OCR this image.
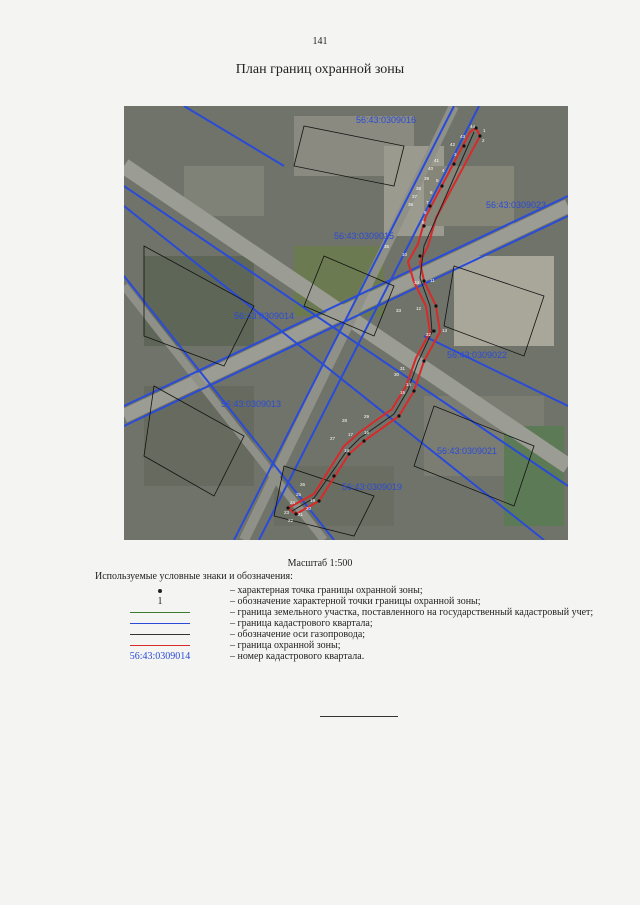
141
План границ охранной зоны
44
1
43
2
42
3
41
40 4
39 5
38
6
37
7
36
8
35
9
10
34 11
33	12
32
13
31
30
14
29
15
28
16
27
17
26
18
25
19
24
20
23 21
22
56:43:0309016
56:43:0309023
56:43:0309015
56:43:0309014
56:43:0309022
56:43:0309013
56:43:0309021
56:43:0309019
Масштаб 1:500
Используемые условные знаки и обозначения:
– характерная точка границы охранной зоны;
1	– обозначение характерной точки границы охранной зоны;
– граница земельного участка, поставленного на государственный кадастровый учет;
– граница кадастрового квартала;
– обозначение оси газопровода;
– граница охранной зоны;
56:43:0309014	– номер кадастрового квартала.
